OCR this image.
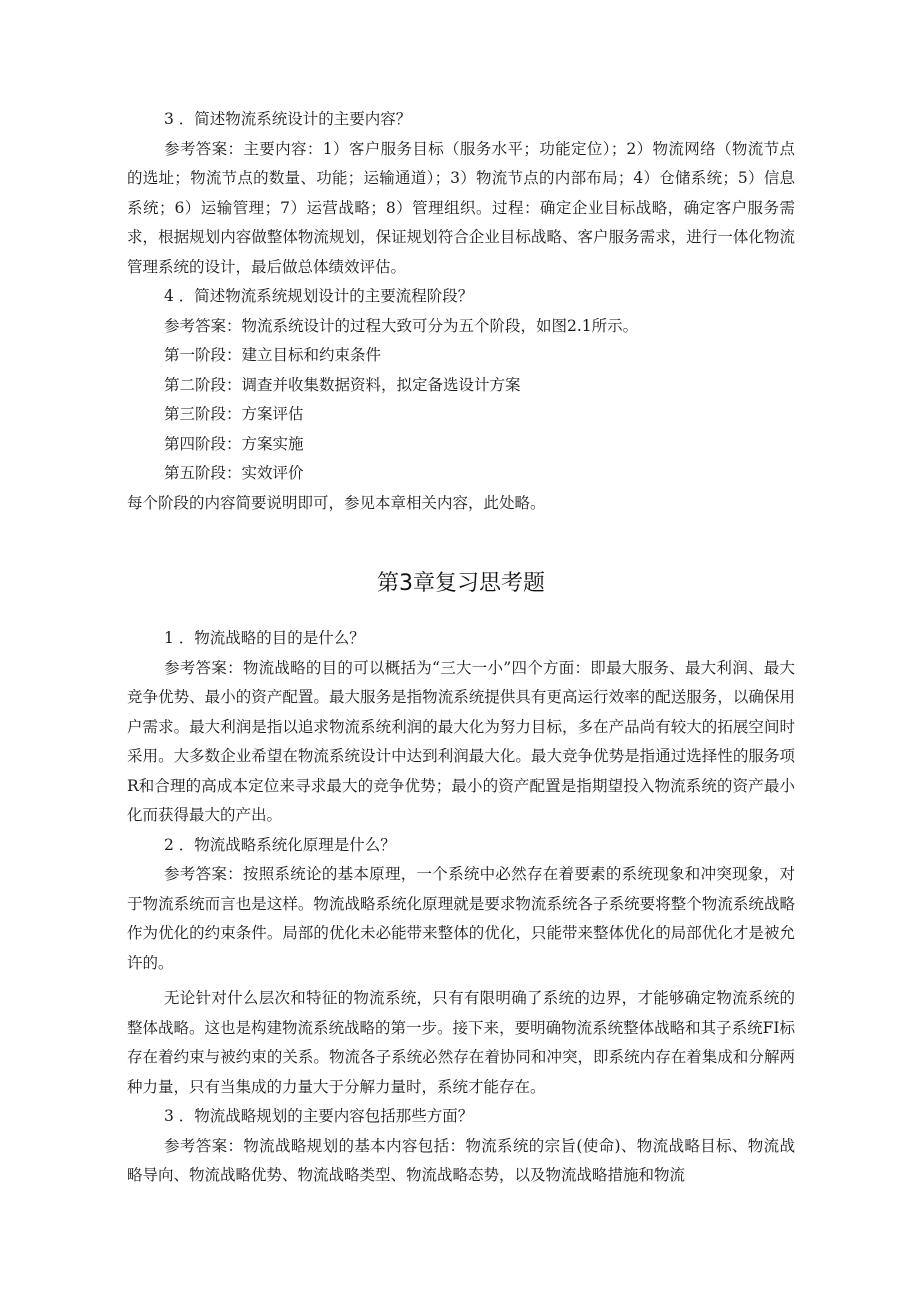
3 ．简述物流系统设计的主要内容？

参考答案：主要内容：1）客户服务目标（服务水平；功能定位）；2）物流网络（物流节点的选址；物流节点的数量、功能；运输通道）；3）物流节点的内部布局；4）仓储系统；5）信息系统；6）运输管理；7）运营战略；8）管理组织。过程：确定企业目标战略，确定客户服务需求，根据规划内容做整体物流规划，保证规划符合企业目标战略、客户服务需求，进行一体化物流管理系统的设计，最后做总体绩效评估。

4 ．简述物流系统规划设计的主要流程阶段？

参考答案：物流系统设计的过程大致可分为五个阶段，如图2.1所示。

第一阶段：建立目标和约束条件

第二阶段：调查并收集数据资料，拟定备选设计方案

第三阶段：方案评估

第四阶段：方案实施

第五阶段：实效评价

每个阶段的内容简要说明即可，参见本章相关内容，此处略。

第3章复习思考题

1 ．物流战略的目的是什么？

参考答案：物流战略的目的可以概括为“三大一小”四个方面：即最大服务、最大利润、最大竞争优势、最小的资产配置。最大服务是指物流系统提供具有更高运行效率的配送服务，以确保用户需求。最大利润是指以追求物流系统利润的最大化为努力目标，多在产品尚有较大的拓展空间时采用。大多数企业希望在物流系统设计中达到利润最大化。最大竞争优势是指通过选择性的服务项R和合理的高成本定位来寻求最大的竞争优势；最小的资产配置是指期望投入物流系统的资产最小化而获得最大的产出。

2 ．物流战略系统化原理是什么？

参考答案：按照系统论的基本原理，一个系统中必然存在着要素的系统现象和冲突现象，对于物流系统而言也是这样。物流战略系统化原理就是要求物流系统各子系统要将整个物流系统战略作为优化的约束条件。局部的优化未必能带来整体的优化，只能带来整体优化的局部优化才是被允许的。

无论针对什么层次和特征的物流系统，只有有限明确了系统的边界，才能够确定物流系统的整体战略。这也是构建物流系统战略的第一步。接下来，要明确物流系统整体战略和其子系统FI标存在着约束与被约束的关系。物流各子系统必然存在着协同和冲突，即系统内存在着集成和分解两种力量，只有当集成的力量大于分解力量时，系统才能存在。

3 ．物流战略规划的主要内容包括那些方面？

参考答案：物流战略规划的基本内容包括：物流系统的宗旨(使命)、物流战略目标、物流战略导向、物流战略优势、物流战略类型、物流战略态势，以及物流战略措施和物流
